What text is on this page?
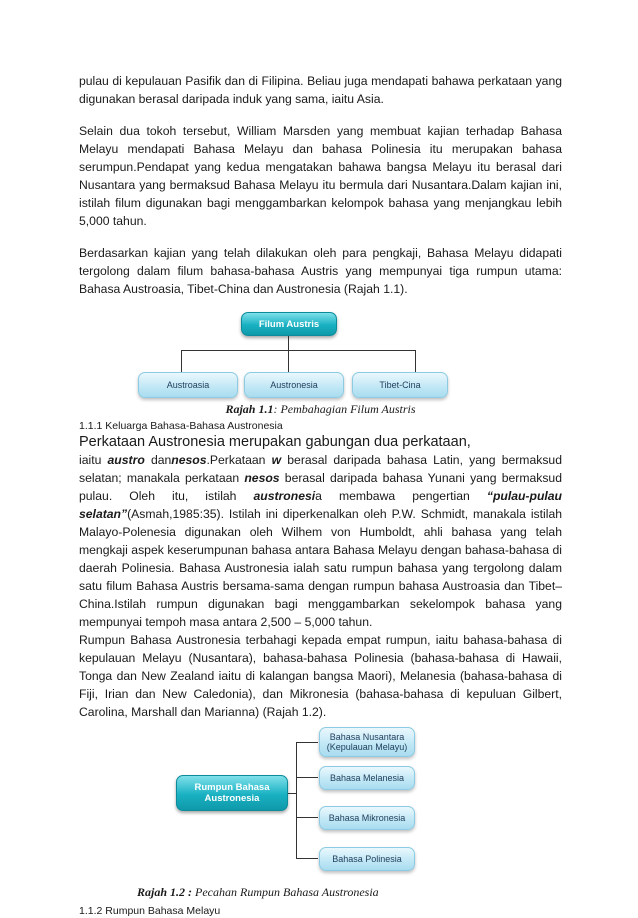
pulau di kepulauan Pasifik dan di Filipina. Beliau juga mendapati bahawa perkataan yang digunakan berasal daripada induk yang sama, iaitu Asia.

Selain dua tokoh tersebut, William Marsden yang membuat kajian terhadap Bahasa Melayu mendapati Bahasa Melayu dan bahasa Polinesia itu merupakan bahasa serumpun.Pendapat yang kedua mengatakan bahawa bangsa Melayu itu berasal dari Nusantara yang bermaksud Bahasa Melayu itu bermula dari Nusantara.Dalam kajian ini, istilah filum digunakan bagi menggambarkan kelompok bahasa yang menjangkau lebih 5,000 tahun.

Berdasarkan kajian yang telah dilakukan oleh para pengkaji, Bahasa Melayu didapati tergolong dalam filum bahasa-bahasa Austris yang mempunyai tiga rumpun utama: Bahasa Austroasia, Tibet-China dan Austronesia (Rajah 1.1).

Filum Austris
Austroasia	Austronesia	Tibet-Cina

Rajah 1.1: Pembahagian Filum Austris

1.1.1 Keluarga Bahasa-Bahasa Austronesia

Perkataan Austronesia merupakan gabungan dua perkataan,
iaitu austro dannesos.Perkataan w berasal daripada bahasa Latin, yang bermaksud selatan; manakala perkataan nesos berasal daripada bahasa Yunani yang bermaksud pulau. Oleh itu, istilah austronesia membawa pengertian “pulau-pulau selatan”(Asmah,1985:35). Istilah ini diperkenalkan oleh P.W. Schmidt, manakala istilah Malayo-Polenesia digunakan oleh Wilhem von Humboldt, ahli bahasa yang telah mengkaji aspek keserumpunan bahasa antara Bahasa Melayu dengan bahasa-bahasa di daerah Polinesia. Bahasa Austronesia ialah satu rumpun bahasa yang tergolong dalam satu filum Bahasa Austris bersama-sama dengan rumpun bahasa Austroasia dan Tibet–China.Istilah rumpun digunakan bagi menggambarkan sekelompok bahasa yang mempunyai tempoh masa antara 2,500 – 5,000 tahun.

Rumpun Bahasa Austronesia terbahagi kepada empat rumpun, iaitu bahasa-bahasa di kepulauan Melayu (Nusantara), bahasa-bahasa Polinesia (bahasa-bahasa di Hawaii, Tonga dan New Zealand iaitu di kalangan bangsa Maori), Melanesia (bahasa-bahasa di Fiji, Irian dan New Caledonia), dan Mikronesia (bahasa-bahasa di kepuluan Gilbert, Carolina, Marshall dan Marianna) (Rajah 1.2).

Rumpun Bahasa
Austronesia
Bahasa Nusantara
(Kepulauan Melayu)
Bahasa Melanesia
Bahasa Mikronesia
Bahasa Polinesia

Rajah 1.2 : Pecahan Rumpun Bahasa Austronesia

1.1.2 Rumpun Bahasa Melayu
